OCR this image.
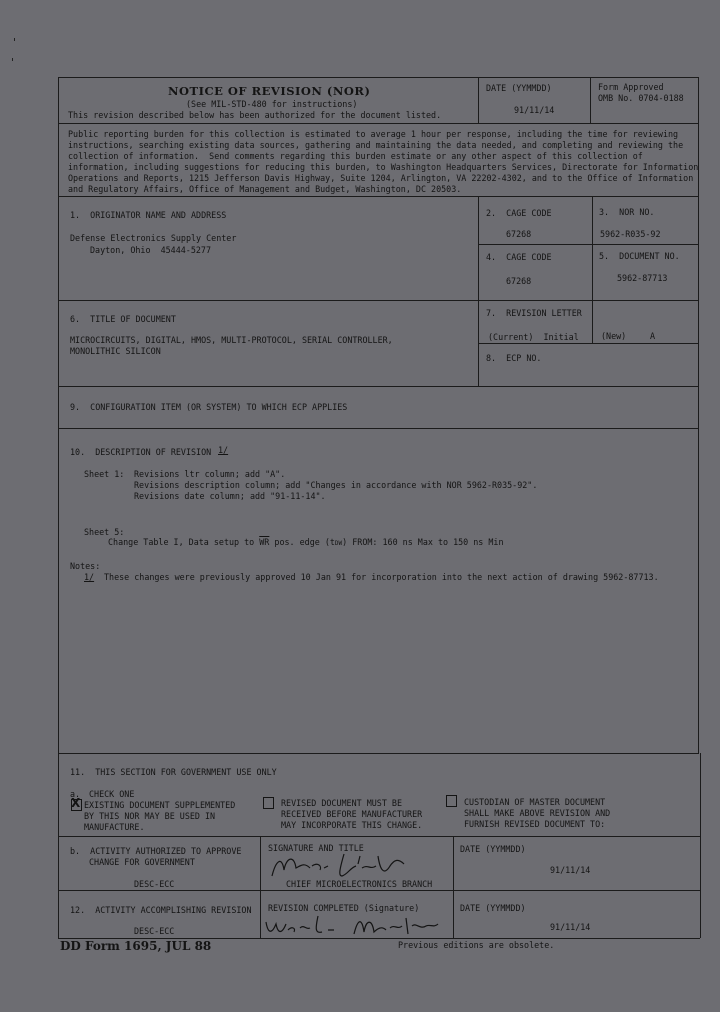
NOTICE OF REVISION (NOR)
(See MIL-STD-480 for instructions)
This revision described below has been authorized for the document listed.
DATE (YYMMDD)
91/11/14
Form Approved
OMB No. 0704-0188
Public reporting burden for this collection is estimated to average 1 hour per response, including the time for reviewing
instructions, searching existing data sources, gathering and maintaining the data needed, and completing and reviewing the
collection of information.  Send comments regarding this burden estimate or any other aspect of this collection of
information, including suggestions for reducing this burden, to Washington Headquarters Services, Directorate for Information
Operations and Reports, 1215 Jefferson Davis Highway, Suite 1204, Arlington, VA 22202-4302, and to the Office of Information
and Regulatory Affairs, Office of Management and Budget, Washington, DC 20503.
1.  ORIGINATOR NAME AND ADDRESS
Defense Electronics Supply Center
Dayton, Ohio  45444-5277
2.  CAGE CODE
67268
3.  NOR NO.
5962-R035-92
4.  CAGE CODE
67268
5.  DOCUMENT NO.
5962-87713
6.  TITLE OF DOCUMENT
MICROCIRCUITS, DIGITAL, HMOS, MULTI-PROTOCOL, SERIAL CONTROLLER,
MONOLITHIC SILICON
7.  REVISION LETTER
(Current)  Initial	(New)	A
8.  ECP NO.
9.  CONFIGURATION ITEM (OR SYSTEM) TO WHICH ECP APPLIES
10.  DESCRIPTION OF REVISION 1/
Sheet 1: Revisions ltr column; add "A".
Revisions description column; add "Changes in accordance with NOR 5962-R035-92".
Revisions date column; add "91-11-14".
Sheet 5:
Change Table I, Data setup to $\overline{WR}$ pos. edge (tDW) FROM: 160 ns Max to 150 ns Min
Notes:
1/ These changes were previously approved 10 Jan 91 for incorporation into the next action of drawing 5962-87713.
11.  THIS SECTION FOR GOVERNMENT USE ONLY
a. CHECK ONE
X EXISTING DOCUMENT SUPPLEMENTED
BY THIS NOR MAY BE USED IN
MANUFACTURE.
REVISED DOCUMENT MUST BE
RECEIVED BEFORE MANUFACTURER
MAY INCORPORATE THIS CHANGE.
CUSTODIAN OF MASTER DOCUMENT
SHALL MAKE ABOVE REVISION AND
FURNISH REVISED DOCUMENT TO:
b.  ACTIVITY AUTHORIZED TO APPROVE
CHANGE FOR GOVERNMENT
DESC-ECC
SIGNATURE AND TITLE
CHIEF MICROELECTRONICS BRANCH
DATE (YYMMDD)
91/11/14
12.  ACTIVITY ACCOMPLISHING REVISION
DESC-ECC
REVISION COMPLETED (Signature)	DATE (YYMMDD)
91/11/14
DD Form 1695, JUL 88	Previous editions are obsolete.
